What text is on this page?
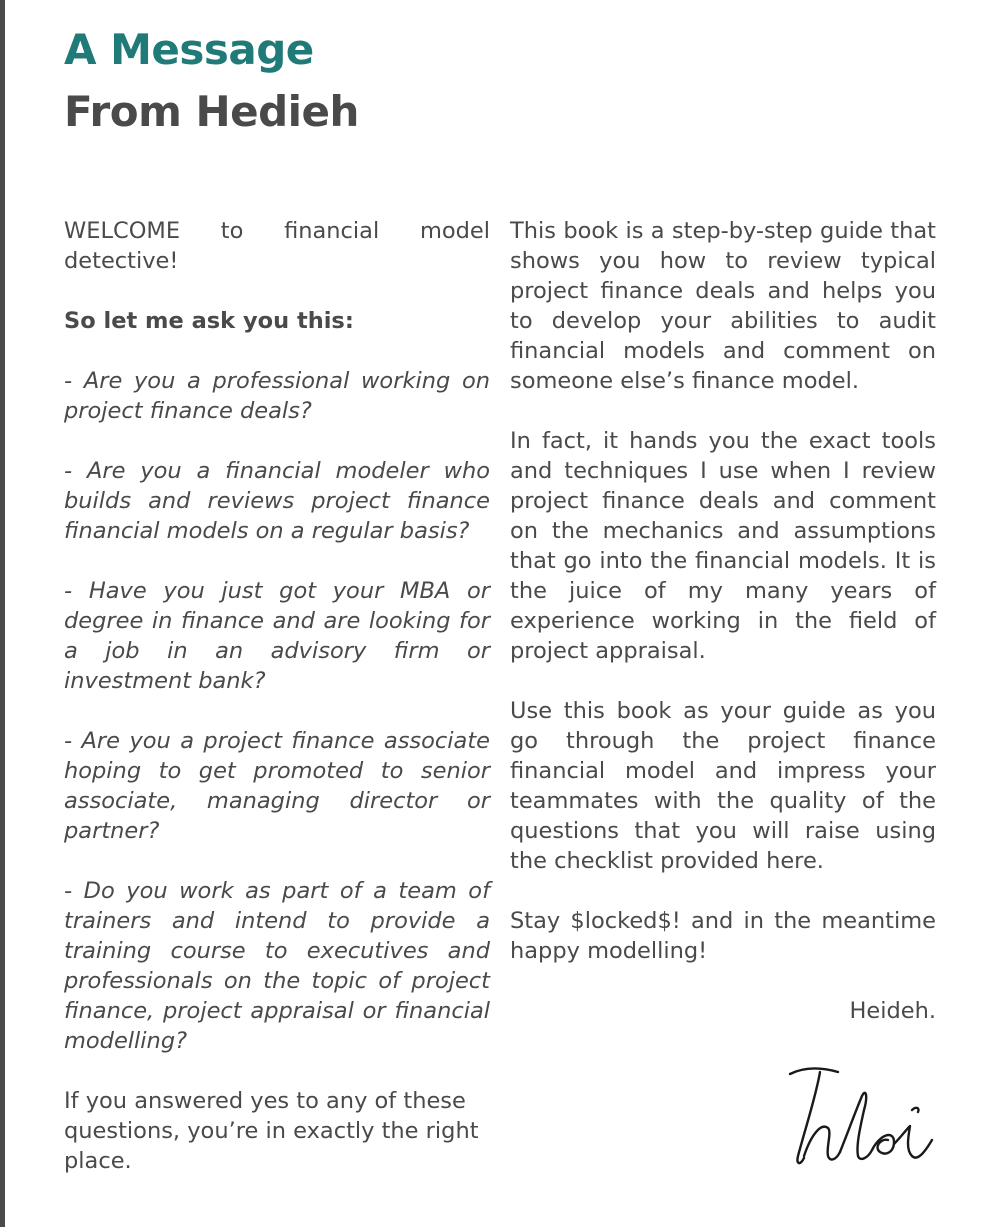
A Message
From Hedieh

WELCOME to financial model detective!

So let me ask you this:

- Are you a professional working on project finance deals?

- Are you a financial modeler who builds and reviews project finance financial models on a regular basis?

- Have you just got your MBA or degree in finance and are looking for a job in an advisory firm or investment bank?

- Are you a project finance associate hoping to get promoted to senior associate, managing director or partner?

- Do you work as part of a team of trainers and intend to provide a training course to executives and professionals on the topic of project finance, project appraisal or financial modelling?

If you answered yes to any of these questions, you’re in exactly the right place.

This book is a step-by-step guide that shows you how to review typical project finance deals and helps you to develop your abilities to audit financial models and comment on someone else’s finance model.

In fact, it hands you the exact tools and techniques I use when I review project finance deals and comment on the mechanics and assumptions that go into the financial models. It is the juice of my many years of experience working in the field of project appraisal.

Use this book as your guide as you go through the project finance financial model and impress your teammates with the quality of the questions that you will raise using the checklist provided here.

Stay $locked$! and in the meantime happy modelling!

Heideh.
